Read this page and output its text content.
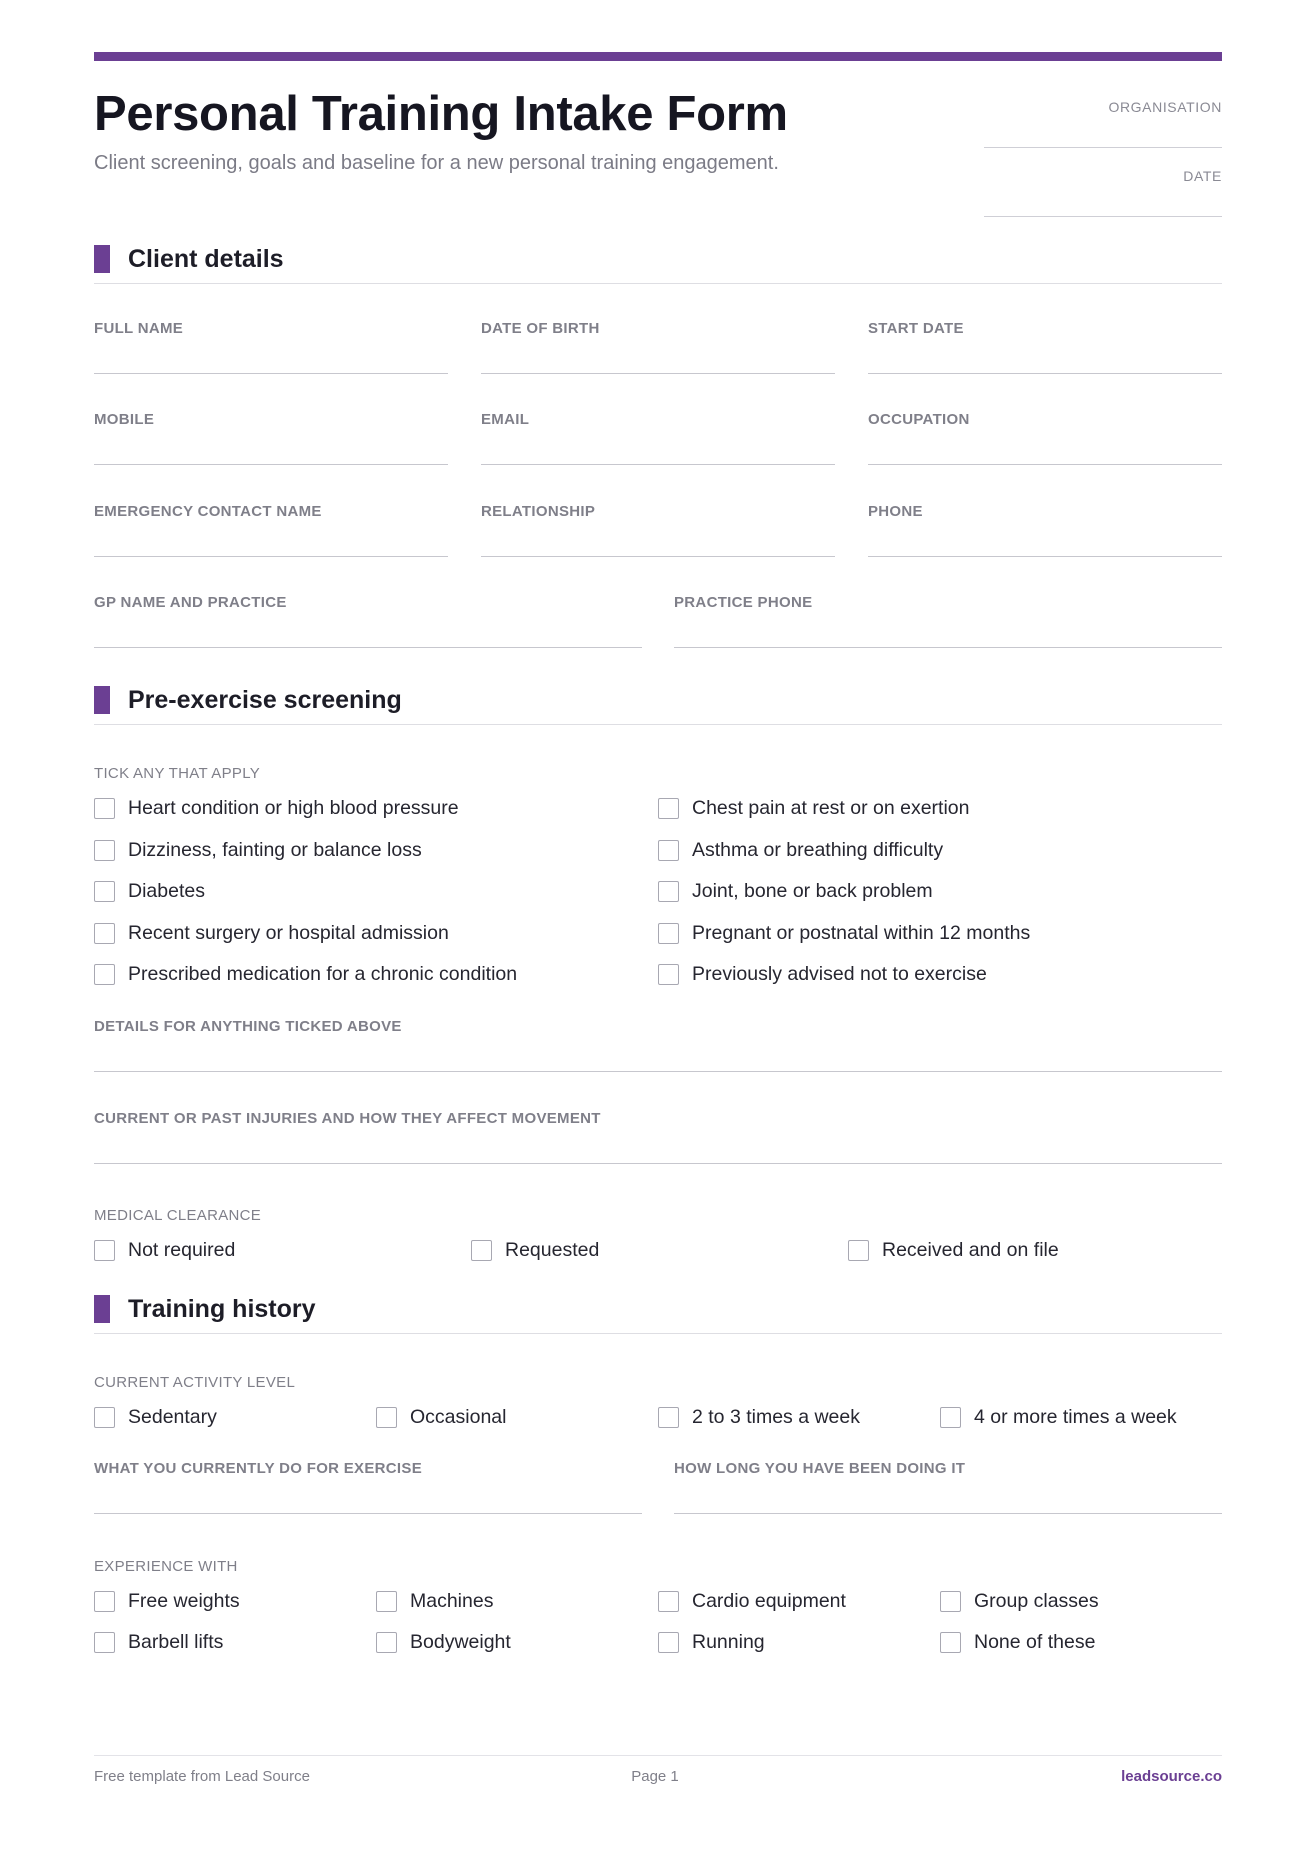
Personal Training Intake Form
Client screening, goals and baseline for a new personal training engagement.
ORGANISATION
DATE
Client details
FULL NAME	DATE OF BIRTH	START DATE
MOBILE	EMAIL	OCCUPATION
EMERGENCY CONTACT NAME	RELATIONSHIP	PHONE
GP NAME AND PRACTICE	PRACTICE PHONE
Pre-exercise screening
TICK ANY THAT APPLY
Heart condition or high blood pressure	Chest pain at rest or on exertion
Dizziness, fainting or balance loss	Asthma or breathing difficulty
Diabetes	Joint, bone or back problem
Recent surgery or hospital admission	Pregnant or postnatal within 12 months
Prescribed medication for a chronic condition	Previously advised not to exercise
DETAILS FOR ANYTHING TICKED ABOVE
CURRENT OR PAST INJURIES AND HOW THEY AFFECT MOVEMENT
MEDICAL CLEARANCE
Not required	Requested	Received and on file
Training history
CURRENT ACTIVITY LEVEL
Sedentary	Occasional	2 to 3 times a week	4 or more times a week
WHAT YOU CURRENTLY DO FOR EXERCISE	HOW LONG YOU HAVE BEEN DOING IT
EXPERIENCE WITH
Free weights	Machines	Cardio equipment	Group classes
Barbell lifts	Bodyweight	Running	None of these
Free template from Lead Source	Page 1	leadsource.co
